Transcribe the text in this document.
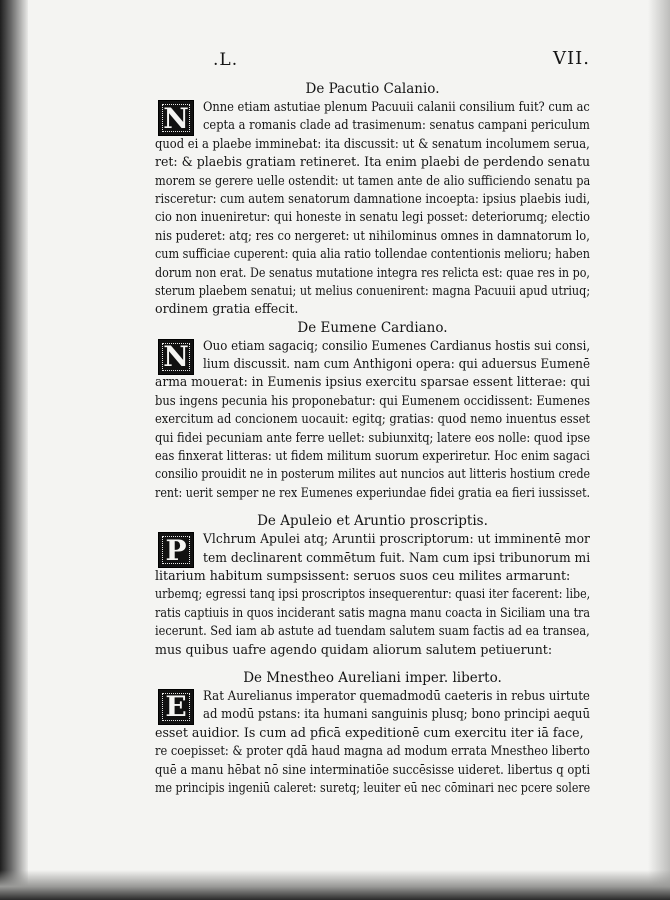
.L.	VII.
De Pacutio Calanio.
N	Onne etiam astutiae plenum Pacuuii calanii consilium fuit? cum ac
cepta a romanis clade ad trasimenum: senatus campani periculum
quod ei a plaebe imminebat: ita discussit: ut & senatum incolumem serua,
ret: & plaebis gratiam retineret. Ita enim plaebi de perdendo senatu
morem se gerere uelle ostendit: ut tamen ante de alio sufficiendo senatu pa
risceretur: cum autem senatorum damnatione incoepta: ipsius plaebis iudi,
cio non inueniretur: qui honeste in senatu legi posset: deteriorumq; electio
nis puderet: atq; res co nergeret: ut nihilominus omnes in damnatorum lo,
cum sufficiae cuperent: quia alia ratio tollendae contentionis melioru; haben
dorum non erat. De senatus mutatione integra res relicta est: quae res in po,
sterum plaebem senatui; ut melius conuenirent: magna Pacuuii apud utriuq;
ordinem gratia effecit.
De Eumene Cardiano.
N	Ouo etiam sagaciq; consilio Eumenes Cardianus hostis sui consi,
lium discussit. nam cum Anthigoni opera: qui aduersus Eumenē
arma mouerat: in Eumenis ipsius exercitu sparsae essent litterae: qui
bus ingens pecunia his proponebatur: qui Eumenem occidissent: Eumenes
exercitum ad concionem uocauit: egitq; gratias: quod nemo inuentus esset
qui fidei pecuniam ante ferre uellet: subiunxitq; latere eos nolle: quod ipse
eas finxerat litteras: ut fidem militum suorum experiretur. Hoc enim sagaci
consilio prouidit ne in posterum milites aut nuncios aut litteris hostium crede
rent: uerit semper ne rex Eumenes experiundae fidei gratia ea fieri iussisset.
De Apuleio et Aruntio proscriptis.
P	Vlchrum Apulei atq; Aruntii proscriptorum: ut imminentē mor
tem declinarent commētum fuit. Nam cum ipsi tribunorum mi
litarium habitum sumpsissent: seruos suos ceu milites armarunt:
urbemq; egressi tanq ipsi proscriptos insequerentur: quasi iter facerent: libe,
ratis captiuis in quos inciderant satis magna manu coacta in Siciliam una tra
iecerunt. Sed iam ab astute ad tuendam salutem suam factis ad ea transea,
mus quibus uafre agendo quidam aliorum salutem petiuerunt:
De Mnestheo Aureliani imper. liberto.
E	Rat Aurelianus imperator quemadmodū caeteris in rebus uirtute
ad modū pstans: ita humani sanguinis plusq; bono principi aequū
esset auidior. Is cum ad pficā expeditionē cum exercitu iter iā face,
re coepisset: & proter qdā haud magna ad modum errata Mnestheo liberto
quē a manu hēbat nō sine interminatiōe succēsisse uideret. libertus q opti
me principis ingeniū caleret: suretq; leuiter eū nec cōminari nec pcere solere
